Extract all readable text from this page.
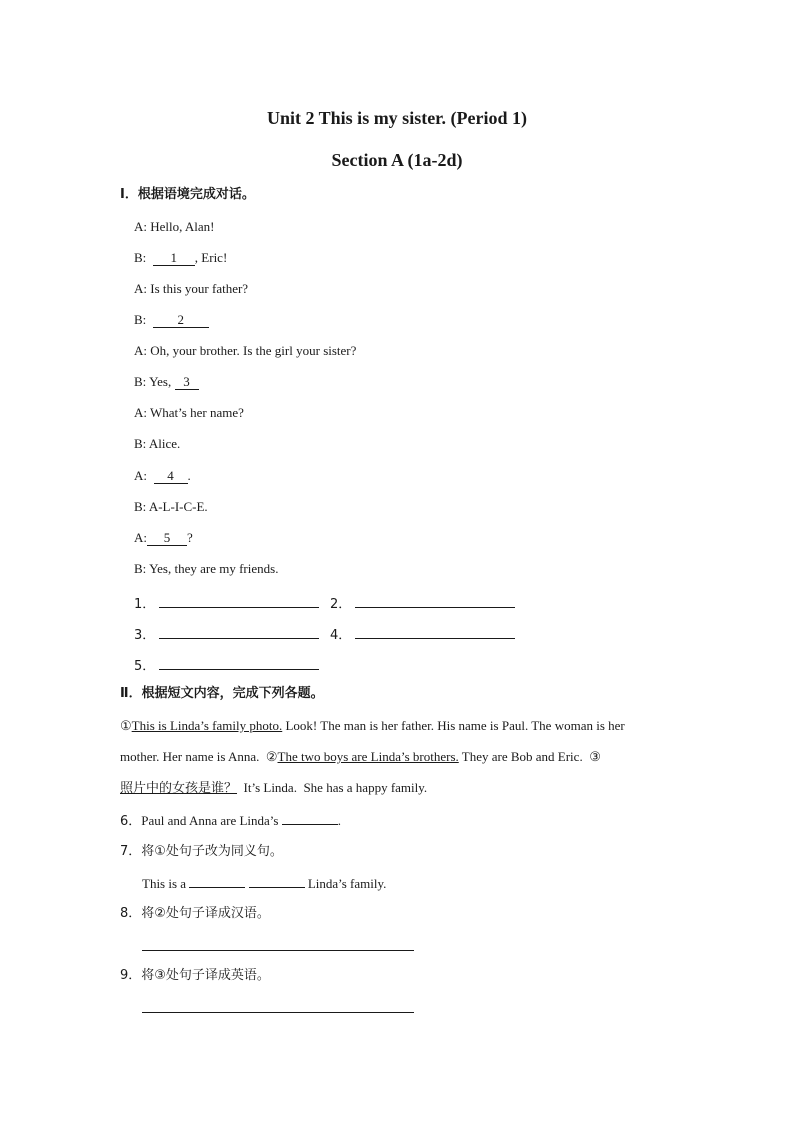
Unit 2 This is my sister. (Period 1)
Section A (1a-2d)
Ⅰ．根据语境完成对话。
A: Hello, Alan!
B: 1 , Eric!
A: Is this your father?
B: 2
A: Oh, your brother. Is the girl your sister?
B: Yes, 3
A: What’s her name?
B: Alice.
A: 4 .
B: A-L-I-C-E.
A: 5 ?
B: Yes, they are my friends.
1．	2．
3．	4．
5．
Ⅱ．根据短文内容，完成下列各题。
①This is Linda’s family photo. Look! The man is her father. His name is Paul. The woman is her
mother. Her name is Anna.  ②The two boys are Linda’s brothers. They are Bob and Eric.  ③
照片中的女孩是谁？  It’s Linda.  She has a happy family.
6．Paul and Anna are Linda’s	.
7．将①处句子改为同义句。
This is a	Linda’s family.
8．将②处句子译成汉语。
9．将③处句子译成英语。
